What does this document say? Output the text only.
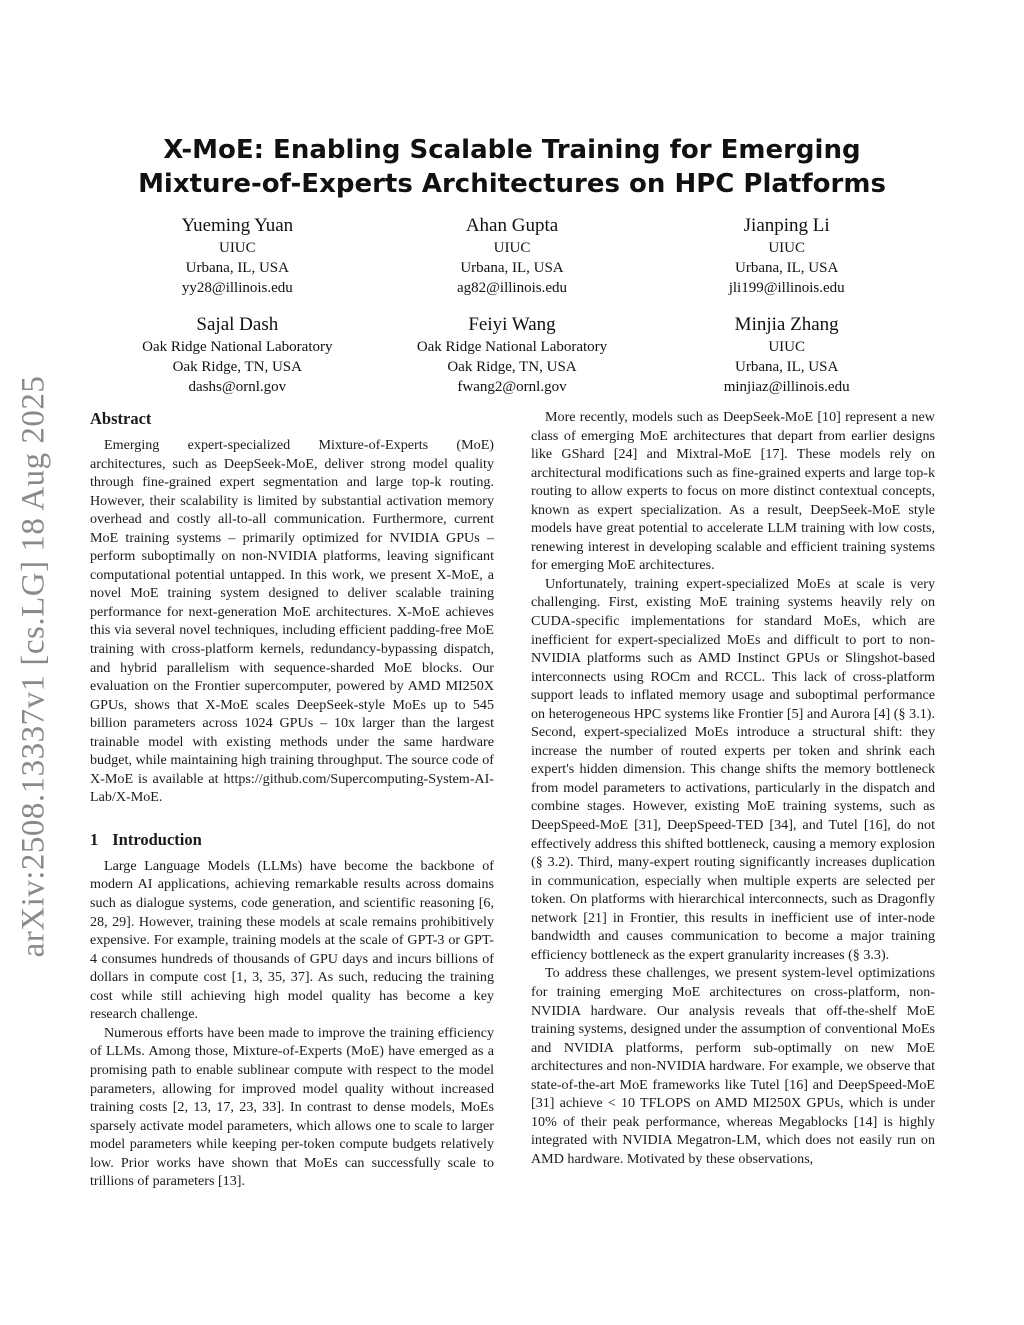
arXiv:2508.13337v1 [cs.LG] 18 Aug 2025
X-MoE: Enabling Scalable Training for Emerging
Mixture-of-Experts Architectures on HPC Platforms
Yueming Yuan
UIUC
Urbana, IL, USA
yy28@illinois.edu
Ahan Gupta
UIUC
Urbana, IL, USA
ag82@illinois.edu
Jianping Li
UIUC
Urbana, IL, USA
jli199@illinois.edu
Sajal Dash
Oak Ridge National Laboratory
Oak Ridge, TN, USA
dashs@ornl.gov
Feiyi Wang
Oak Ridge National Laboratory
Oak Ridge, TN, USA
fwang2@ornl.gov
Minjia Zhang
UIUC
Urbana, IL, USA
minjiaz@illinois.edu
Abstract

Emerging expert-specialized Mixture-of-Experts (MoE) architectures, such as DeepSeek-MoE, deliver strong model quality through fine-grained expert segmentation and large top-k routing. However, their scalability is limited by substantial activation memory overhead and costly all-to-all communication. Furthermore, current MoE training systems – primarily optimized for NVIDIA GPUs – perform suboptimally on non-NVIDIA platforms, leaving significant computational potential untapped. In this work, we present X-MoE, a novel MoE training system designed to deliver scalable training performance for next-generation MoE architectures. X-MoE achieves this via several novel techniques, including efficient padding-free MoE training with cross-platform kernels, redundancy-bypassing dispatch, and hybrid parallelism with sequence-sharded MoE blocks. Our evaluation on the Frontier supercomputer, powered by AMD MI250X GPUs, shows that X-MoE scales DeepSeek-style MoEs up to 545 billion parameters across 1024 GPUs – 10x larger than the largest trainable model with existing methods under the same hardware budget, while maintaining high training throughput. The source code of X-MoE is available at https://github.com/Supercomputing-System-AI-Lab/X-MoE.

1 Introduction

Large Language Models (LLMs) have become the backbone of modern AI applications, achieving remarkable results across domains such as dialogue systems, code generation, and scientific reasoning [6, 28, 29]. However, training these models at scale remains prohibitively expensive. For example, training models at the scale of GPT-3 or GPT-4 consumes hundreds of thousands of GPU days and incurs billions of dollars in compute cost [1, 3, 35, 37]. As such, reducing the training cost while still achieving high model quality has become a key research challenge.

Numerous efforts have been made to improve the training efficiency of LLMs. Among those, Mixture-of-Experts (MoE) have emerged as a promising path to enable sublinear compute with respect to the model parameters, allowing for improved model quality without increased training costs [2, 13, 17, 23, 33]. In contrast to dense models, MoEs sparsely activate model parameters, which allows one to scale to larger model parameters while keeping per-token compute budgets relatively low. Prior works have shown that MoEs can successfully scale to trillions of parameters [13].

More recently, models such as DeepSeek-MoE [10] represent a new class of emerging MoE architectures that depart from earlier designs like GShard [24] and Mixtral-MoE [17]. These models rely on architectural modifications such as fine-grained experts and large top-k routing to allow experts to focus on more distinct contextual concepts, known as expert specialization. As a result, DeepSeek-MoE style models have great potential to accelerate LLM training with low costs, renewing interest in developing scalable and efficient training systems for emerging MoE architectures.

Unfortunately, training expert-specialized MoEs at scale is very challenging. First, existing MoE training systems heavily rely on CUDA-specific implementations for standard MoEs, which are inefficient for expert-specialized MoEs and difficult to port to non-NVIDIA platforms such as AMD Instinct GPUs or Slingshot-based interconnects using ROCm and RCCL. This lack of cross-platform support leads to inflated memory usage and suboptimal performance on heterogeneous HPC systems like Frontier [5] and Aurora [4] (§ 3.1). Second, expert-specialized MoEs introduce a structural shift: they increase the number of routed experts per token and shrink each expert's hidden dimension. This change shifts the memory bottleneck from model parameters to activations, particularly in the dispatch and combine stages. However, existing MoE training systems, such as DeepSpeed-MoE [31], DeepSpeed-TED [34], and Tutel [16], do not effectively address this shifted bottleneck, causing a memory explosion (§ 3.2). Third, many-expert routing significantly increases duplication in communication, especially when multiple experts are selected per token. On platforms with hierarchical interconnects, such as Dragonfly network [21] in Frontier, this results in inefficient use of inter-node bandwidth and causes communication to become a major training efficiency bottleneck as the expert granularity increases (§ 3.3).

To address these challenges, we present system-level optimizations for training emerging MoE architectures on cross-platform, non-NVIDIA hardware. Our analysis reveals that off-the-shelf MoE training systems, designed under the assumption of conventional MoEs and NVIDIA platforms, perform sub-optimally on new MoE architectures and non-NVIDIA hardware. For example, we observe that state-of-the-art MoE frameworks like Tutel [16] and DeepSpeed-MoE [31] achieve < 10 TFLOPS on AMD MI250X GPUs, which is under 10% of their peak performance, whereas Megablocks [14] is highly integrated with NVIDIA Megatron-LM, which does not easily run on AMD hardware. Motivated by these observations,
